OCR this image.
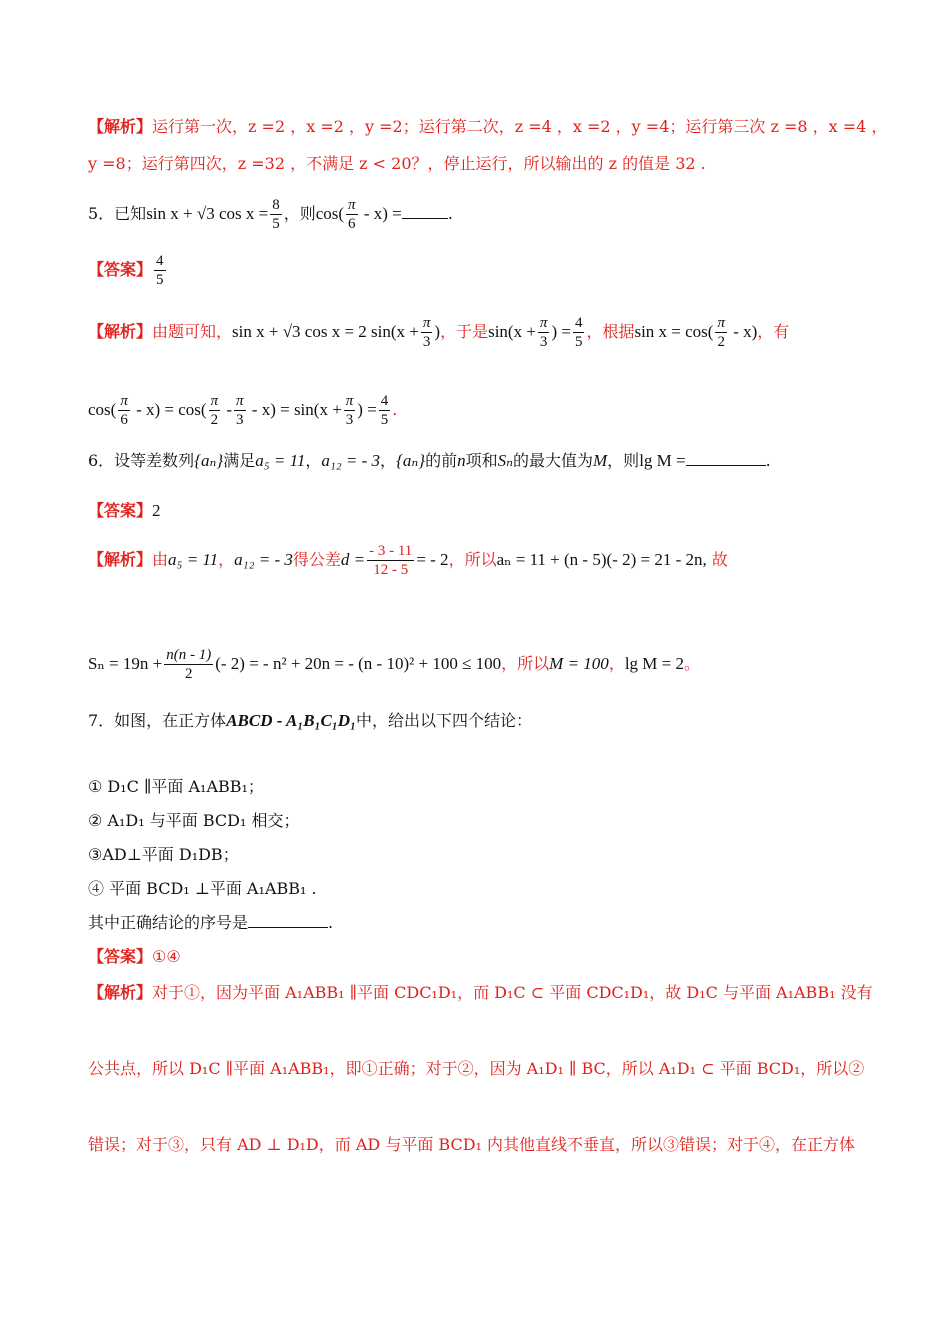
【解析】运行第一次，z =2 ，x =2 ，y =2；运行第二次，z =4 ，x =2 ，y =4；运行第三次 z =8 ，x =4 ，
y =8；运行第四次，z =32 ，不满足 z < 20？，停止运行，所以输出的 z 的值是 32 .
5．已知sin x + √3 $\cos x = \frac{8}{5}$ ，则$\cos( \frac{\pi}{6} - x)$ =	.
【答案】 $\frac{4}{5}$
【解析】由题可知，sin x + √3 cos x = 2 $\sin(x + \frac{\pi}{3}$ )，于是$\sin(x + \frac{\pi}{3}$ ) = $\frac{4}{5}$ ，根据$\sin x = \cos( \frac{\pi}{2} - x)$，有
$\cos( \frac{\pi}{6} - x) = \cos( \frac{\pi}{2} - \frac{\pi}{3} - x) = \sin(x + \frac{\pi}{3}$ ) = $\frac{4}{5}$ .
6．设等差数列{aₙ}满足a₅ = 11，a₁₂ = - 3，{aₙ}的前n项和Sₙ的最大值为M，则lg M =	.
【答案】2
【解析】由a₅ = 11，a₁₂ = - 3得公差$d = \frac{- 3 - 11}{12 - 5}$ = - 2，所以aₙ = 11 + (n - 5)(- 2) = 21 - 2n, 故
$S_n = 19n + \frac{n(n - 1)}{2}$ (- 2) = - n² + 20n = - (n - 10)² + 100 ≤ 100，所以M = 100，lg M = 2。
7．如图，在正方体ABCD - A₁B₁C₁D₁中，给出以下四个结论：
① D₁C ∥平面 A₁ABB₁；
② A₁D₁ 与平面 BCD₁ 相交；
③AD⊥平面 D₁DB；
④ 平面 BCD₁ ⊥平面 A₁ABB₁ .
其中正确结论的序号是	.
【答案】①④
【解析】对于①，因为平面 A₁ABB₁ ∥平面 CDC₁D₁，而 D₁C ⊂ 平面 CDC₁D₁，故 D₁C 与平面 A₁ABB₁ 没有
公共点，所以 D₁C ∥平面 A₁ABB₁，即①正确；对于②，因为 A₁D₁ ∥ BC，所以 A₁D₁ ⊂ 平面 BCD₁，所以②
错误；对于③，只有 AD ⊥ D₁D，而 AD 与平面 BCD₁ 内其他直线不垂直，所以③错误；对于④，在正方体
